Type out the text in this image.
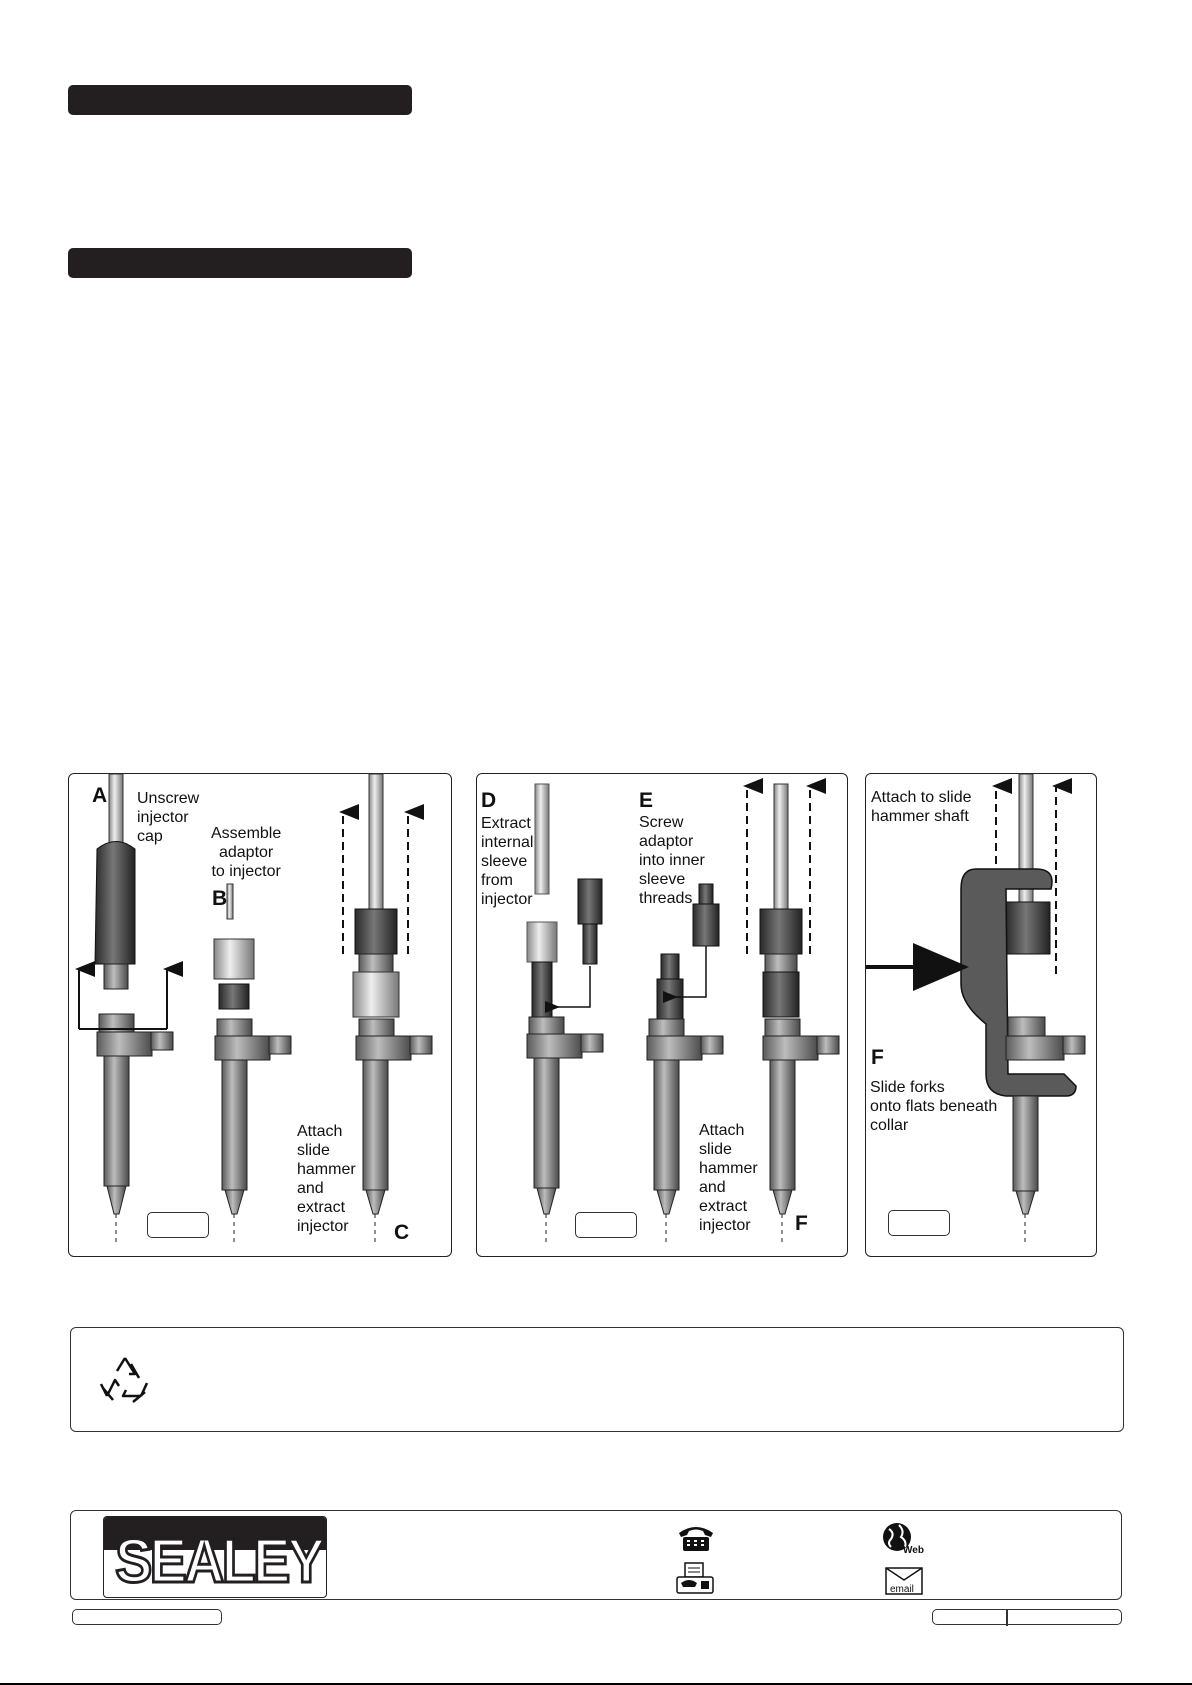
A Unscrew
injector
cap	Assemble
adaptor
to injector
B
Attach
slide
hammer
and
extract
injector	C
D
Extract
internal
sleeve
from
injector
E
Screw
adaptor
into inner
sleeve
threads
Attach
slide
hammer
and
extract
injector	F
Attach to slide
hammer shaft
F
Slide forks
onto flats beneath
collar
SEALEY	Web
email
